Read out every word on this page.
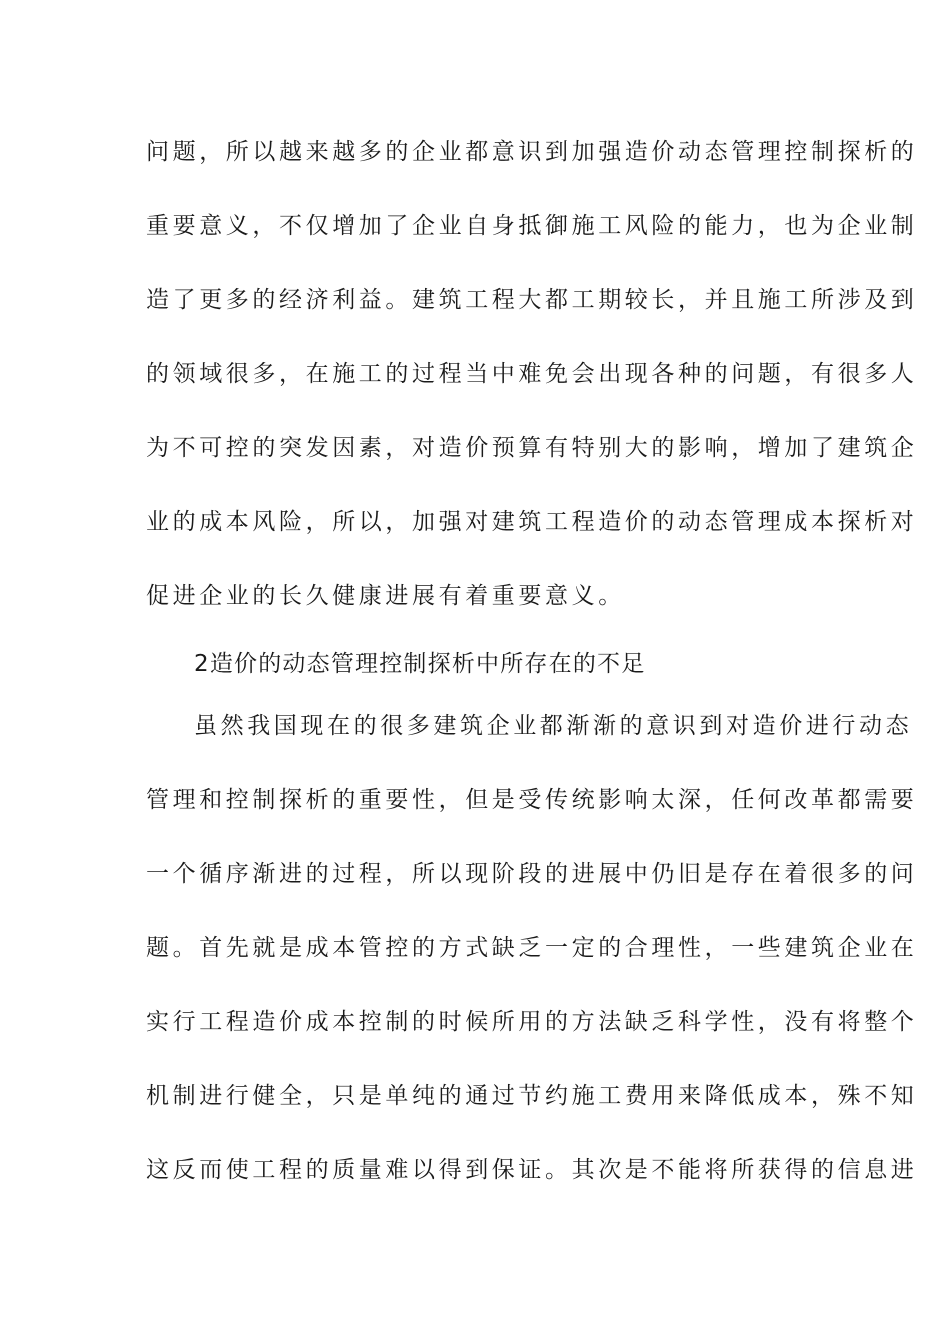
问题，所以越来越多的企业都意识到加强造价动态管理控制探析的
重要意义，不仅增加了企业自身抵御施工风险的能力，也为企业制
造了更多的经济利益。建筑工程大都工期较长，并且施工所涉及到
的领域很多，在施工的过程当中难免会出现各种的问题，有很多人
为不可控的突发因素，对造价预算有特别大的影响，增加了建筑企
业的成本风险，所以，加强对建筑工程造价的动态管理成本探析对
促进企业的长久健康进展有着重要意义。
2造价的动态管理控制探析中所存在的不足
虽然我国现在的很多建筑企业都渐渐的意识到对造价进行动态
管理和控制探析的重要性，但是受传统影响太深，任何改革都需要
一个循序渐进的过程，所以现阶段的进展中仍旧是存在着很多的问
题。首先就是成本管控的方式缺乏一定的合理性，一些建筑企业在
实行工程造价成本控制的时候所用的方法缺乏科学性，没有将整个
机制进行健全，只是单纯的通过节约施工费用来降低成本，殊不知
这反而使工程的质量难以得到保证。其次是不能将所获得的信息进
